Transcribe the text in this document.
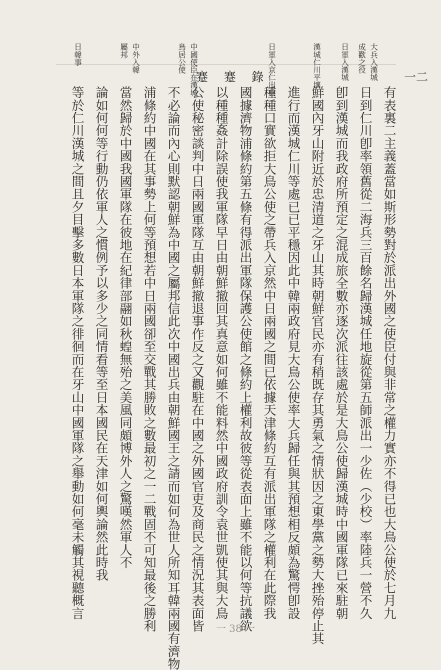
蹇 蹇 錄	一二
大兵入漢城
成歡之役
日軍入漢城
漢城仁川平壤
日軍入京仁出兵
中國使臣在漢城
鳥居公使
中外入韓
屬邦
日韓事
有表裏二主義蓋當如斯形勢對於派出外國之使臣付與非常之權力實亦不得已也大鳥公使於七月九
日到仁川卽率領舊從二海兵三百餘名歸漢城任地旋從第五師派出一少佐（少校）率陸兵一營不久
卽到漢城而我政府所預定之混成旅全數亦逐次派往該處於是大鳥公使歸漢城時中國軍隊已來駐朝
鮮國內牙山附近於忠清道之牙山其時朝鮮官民亦有稍既存其勇氣之情狀因之東學黨之勢大挫殆停止其
進行而漢城仁川等處已已平穩因此中韓兩政府見大鳥公使率大兵歸任與其預想相反頗為驚愕卽設
種種口實欲拒大鳥公使之帶兵入京然中日兩國之間已依據天津條約互有派出軍隊之權利在此際我
國據濟物浦條約第五條有得派出軍隊保護公使館之條約上權利故彼等從表面上雖不能以何等抗議欲
以種種姦計除誤使我軍隊早日由朝鮮撤回其真意如何雖不能料然中國政府訓令袁世凱使其與大鳥
公使秘密談判中日兩國軍隊互由朝鮮撤退事作反之又觀駐在中國之外國官吏及商民之情況其表面皆
不必論而內心則默認朝鮮為中國之屬邦信此次中國出兵由朝鮮國王之請而如何為世人所知耳韓兩國有濟物
浦條約中國在其事勢上何等預想若中日兩國卻至交戰其勝敗之數最初之一二戰固不可知最後之勝利
當然歸於中國我國軍隊在彼地在紀律部翮如秋蝗無殆之美風同頗博外人之驚嘆然軍人不
論如何何等行動仍依軍人之慣例予以多少之同情看等至日本國民在天津如何輿論然此時我
等於仁川漢城之間且夕目擊多數日本軍隊之徘徊而在牙山中國軍隊之舉動如何毫未觸其視聽概言
一 38 一
